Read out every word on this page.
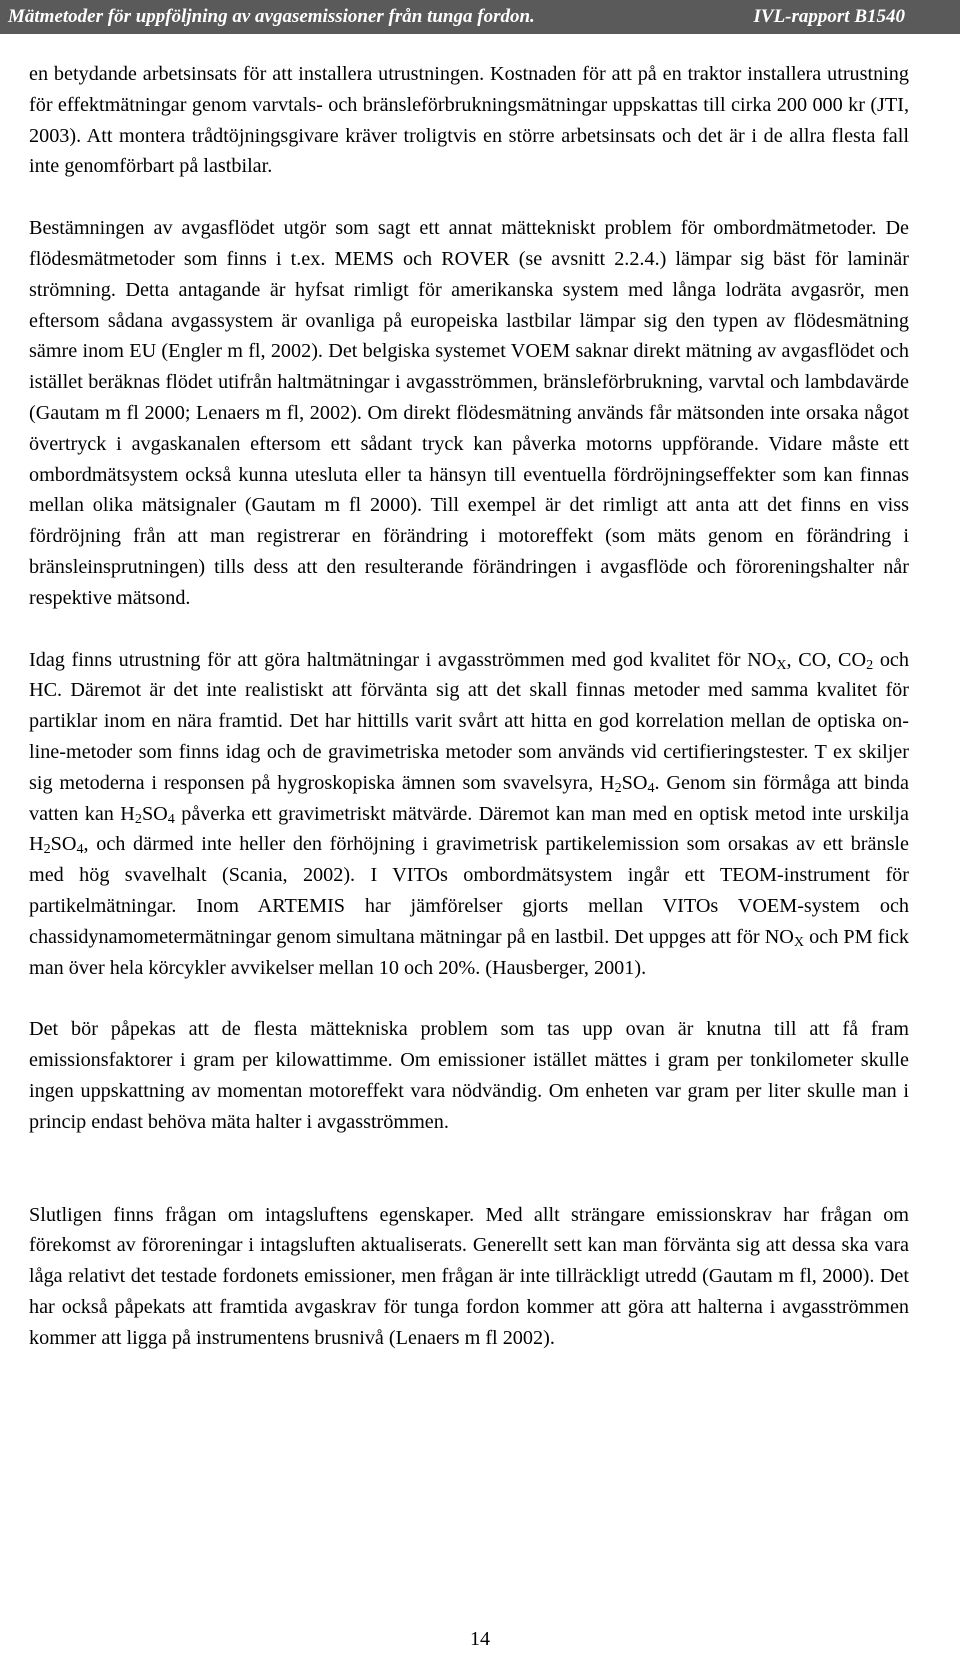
Mätmetoder för uppföljning av avgasemissioner från tunga fordon.	IVL-rapport B1540

en betydande arbetsinsats för att installera utrustningen. Kostnaden för att på en traktor installera utrustning för effektmätningar genom varvtals- och bränsleförbrukningsmätningar uppskattas till cirka 200 000 kr (JTI, 2003). Att montera trådtöjningsgivare kräver troligtvis en större arbetsinsats och det är i de allra flesta fall inte genomförbart på lastbilar.

Bestämningen av avgasflödet utgör som sagt ett annat mättekniskt problem för ombordmätmetoder. De flödesmätmetoder som finns i t.ex. MEMS och ROVER (se avsnitt 2.2.4.) lämpar sig bäst för laminär strömning. Detta antagande är hyfsat rimligt för amerikanska system med långa lodräta avgasrör, men eftersom sådana avgassystem är ovanliga på europeiska lastbilar lämpar sig den typen av flödesmätning sämre inom EU (Engler m fl, 2002). Det belgiska systemet VOEM saknar direkt mätning av avgasflödet och istället beräknas flödet utifrån haltmätningar i avgasströmmen, bränsleförbrukning, varvtal och lambdavärde (Gautam m fl 2000; Lenaers m fl, 2002). Om direkt flödesmätning används får mätsonden inte orsaka något övertryck i avgaskanalen eftersom ett sådant tryck kan påverka motorns uppförande. Vidare måste ett ombordmätsystem också kunna utesluta eller ta hänsyn till eventuella fördröjningseffekter som kan finnas mellan olika mätsignaler (Gautam m fl 2000). Till exempel är det rimligt att anta att det finns en viss fördröjning från att man registrerar en förändring i motoreffekt (som mäts genom en förändring i bränsleinsprutningen) tills dess att den resulterande förändringen i avgasflöde och föroreningshalter når respektive mätsond.

Idag finns utrustning för att göra haltmätningar i avgasströmmen med god kvalitet för $NO_X$, CO, $CO_2$ och HC. Däremot är det inte realistiskt att förvänta sig att det skall finnas metoder med samma kvalitet för partiklar inom en nära framtid. Det har hittills varit svårt att hitta en god korrelation mellan de optiska on-line-metoder som finns idag och de gravimetriska metoder som används vid certifieringstester. T ex skiljer sig metoderna i responsen på hygroskopiska ämnen som svavelsyra, $H_2SO_4$. Genom sin förmåga att binda vatten kan $H_2SO_4$ påverka ett gravimetriskt mätvärde. Däremot kan man med en optisk metod inte urskilja $H_2SO_4$, och därmed inte heller den förhöjning i gravimetrisk partikelemission som orsakas av ett bränsle med hög svavelhalt (Scania, 2002). I VITOs ombordmätsystem ingår ett TEOM-instrument för partikelmätningar. Inom ARTEMIS har jämförelser gjorts mellan VITOs VOEM-system och chassidynamometermätningar genom simultana mätningar på en lastbil. Det uppges att för $NO_X$ och PM fick man över hela körcykler avvikelser mellan 10 och 20%. (Hausberger, 2001).

Det bör påpekas att de flesta mättekniska problem som tas upp ovan är knutna till att få fram emissionsfaktorer i gram per kilowattimme. Om emissioner istället mättes i gram per tonkilometer skulle ingen uppskattning av momentan motoreffekt vara nödvändig. Om enheten var gram per liter skulle man i princip endast behöva mäta halter i avgasströmmen.

Slutligen finns frågan om intagsluftens egenskaper. Med allt strängare emissionskrav har frågan om förekomst av föroreningar i intagsluften aktualiserats. Generellt sett kan man förvänta sig att dessa ska vara låga relativt det testade fordonets emissioner, men frågan är inte tillräckligt utredd (Gautam m fl, 2000). Det har också påpekats att framtida avgaskrav för tunga fordon kommer att göra att halterna i avgasströmmen kommer att ligga på instrumentens brusnivå (Lenaers m fl 2002).

14
